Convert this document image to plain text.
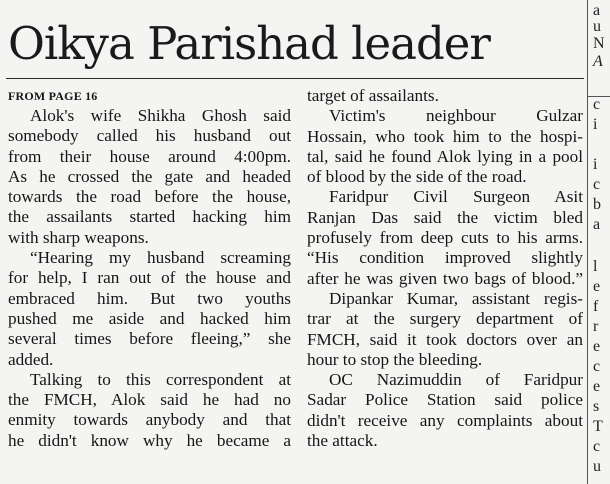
Oikya Parishad leader
FROM PAGE 16
Alok's wife Shikha Ghosh said
somebody called his husband out
from their house around 4:00pm.
As he crossed the gate and headed
towards the road before the house,
the assailants started hacking him
with sharp weapons.
“Hearing my husband screaming
for help, I ran out of the house and
embraced him. But two youths
pushed me aside and hacked him
several times before fleeing,” she
added.
Talking to this correspondent at
the FMCH, Alok said he had no
enmity towards anybody and that
he didn't know why he became a
target of assailants.
Victim's neighbour Gulzar
Hossain, who took him to the hospi-
tal, said he found Alok lying in a pool
of blood by the side of the road.
Faridpur Civil Surgeon Asit
Ranjan Das said the victim bled
profusely from deep cuts to his arms.
“His condition improved slightly
after he was given two bags of blood.”
Dipankar Kumar, assistant regis-
trar at the surgery department of
FMCH, said it took doctors over an
hour to stop the bleeding.
OC Nazimuddin of Faridpur
Sadar Police Station said police
didn't receive any complaints about
the attack.
a
u
N
A
c
i
i
c
b
a
l
e
f
r
e
c
e
s
T
c
u
